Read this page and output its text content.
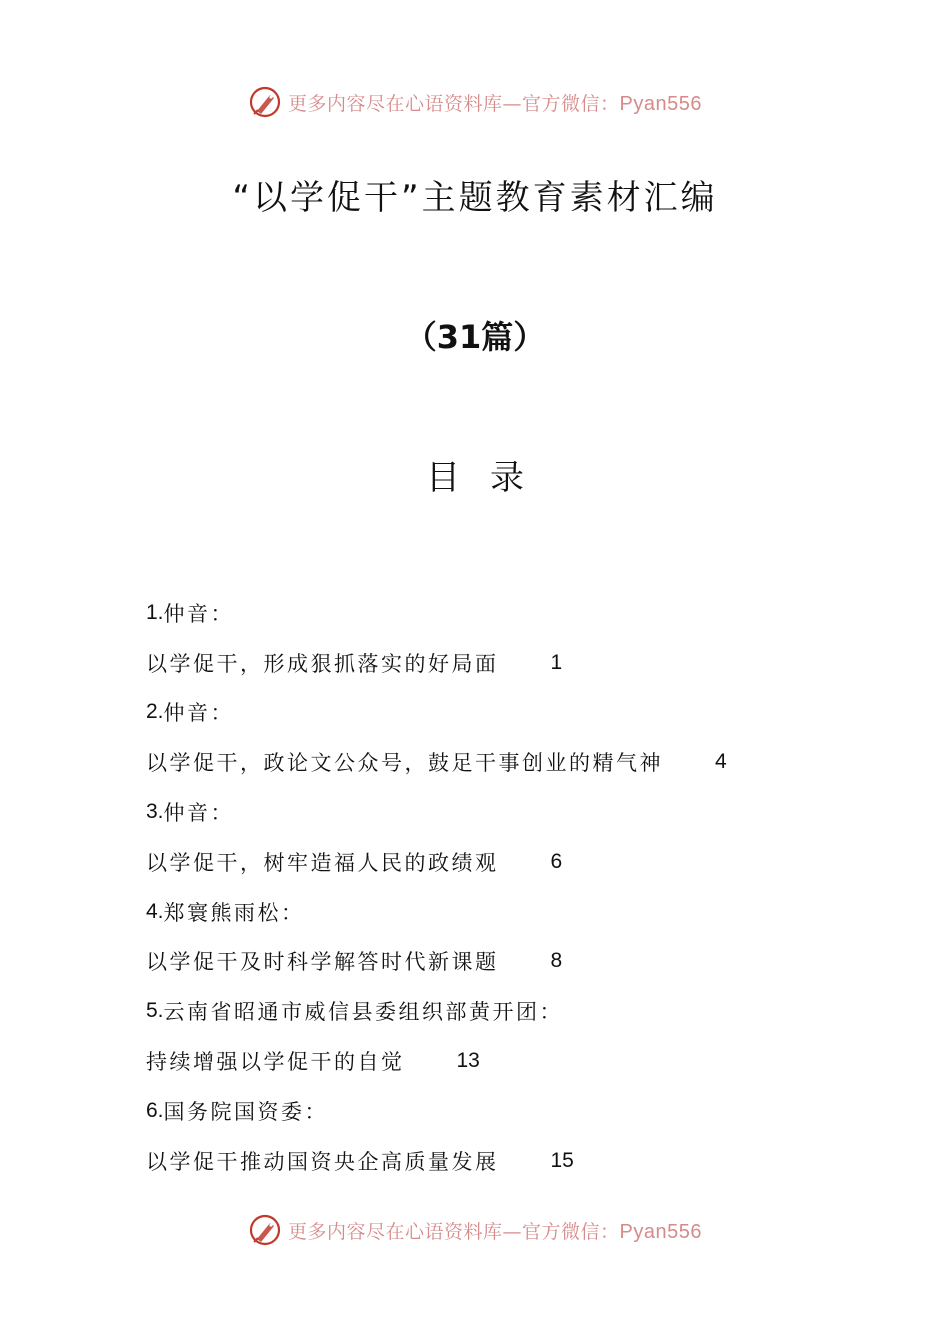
更多内容尽在心语资料库—官方微信：Pyan556
“以学促干”主题教育素材汇编
（31篇）
目录
1. 仲音：
以学促干，形成狠抓落实的好局面 1
2. 仲音：
以学促干，政论文公众号，鼓足干事创业的精气神 4
3. 仲音：
以学促干，树牢造福人民的政绩观 6
4. 郑寰熊雨松：
以学促干及时科学解答时代新课题 8
5. 云南省昭通市威信县委组织部黄开团：
持续增强以学促干的自觉 13
6. 国务院国资委：
以学促干推动国资央企高质量发展 15
更多内容尽在心语资料库—官方微信：Pyan556
